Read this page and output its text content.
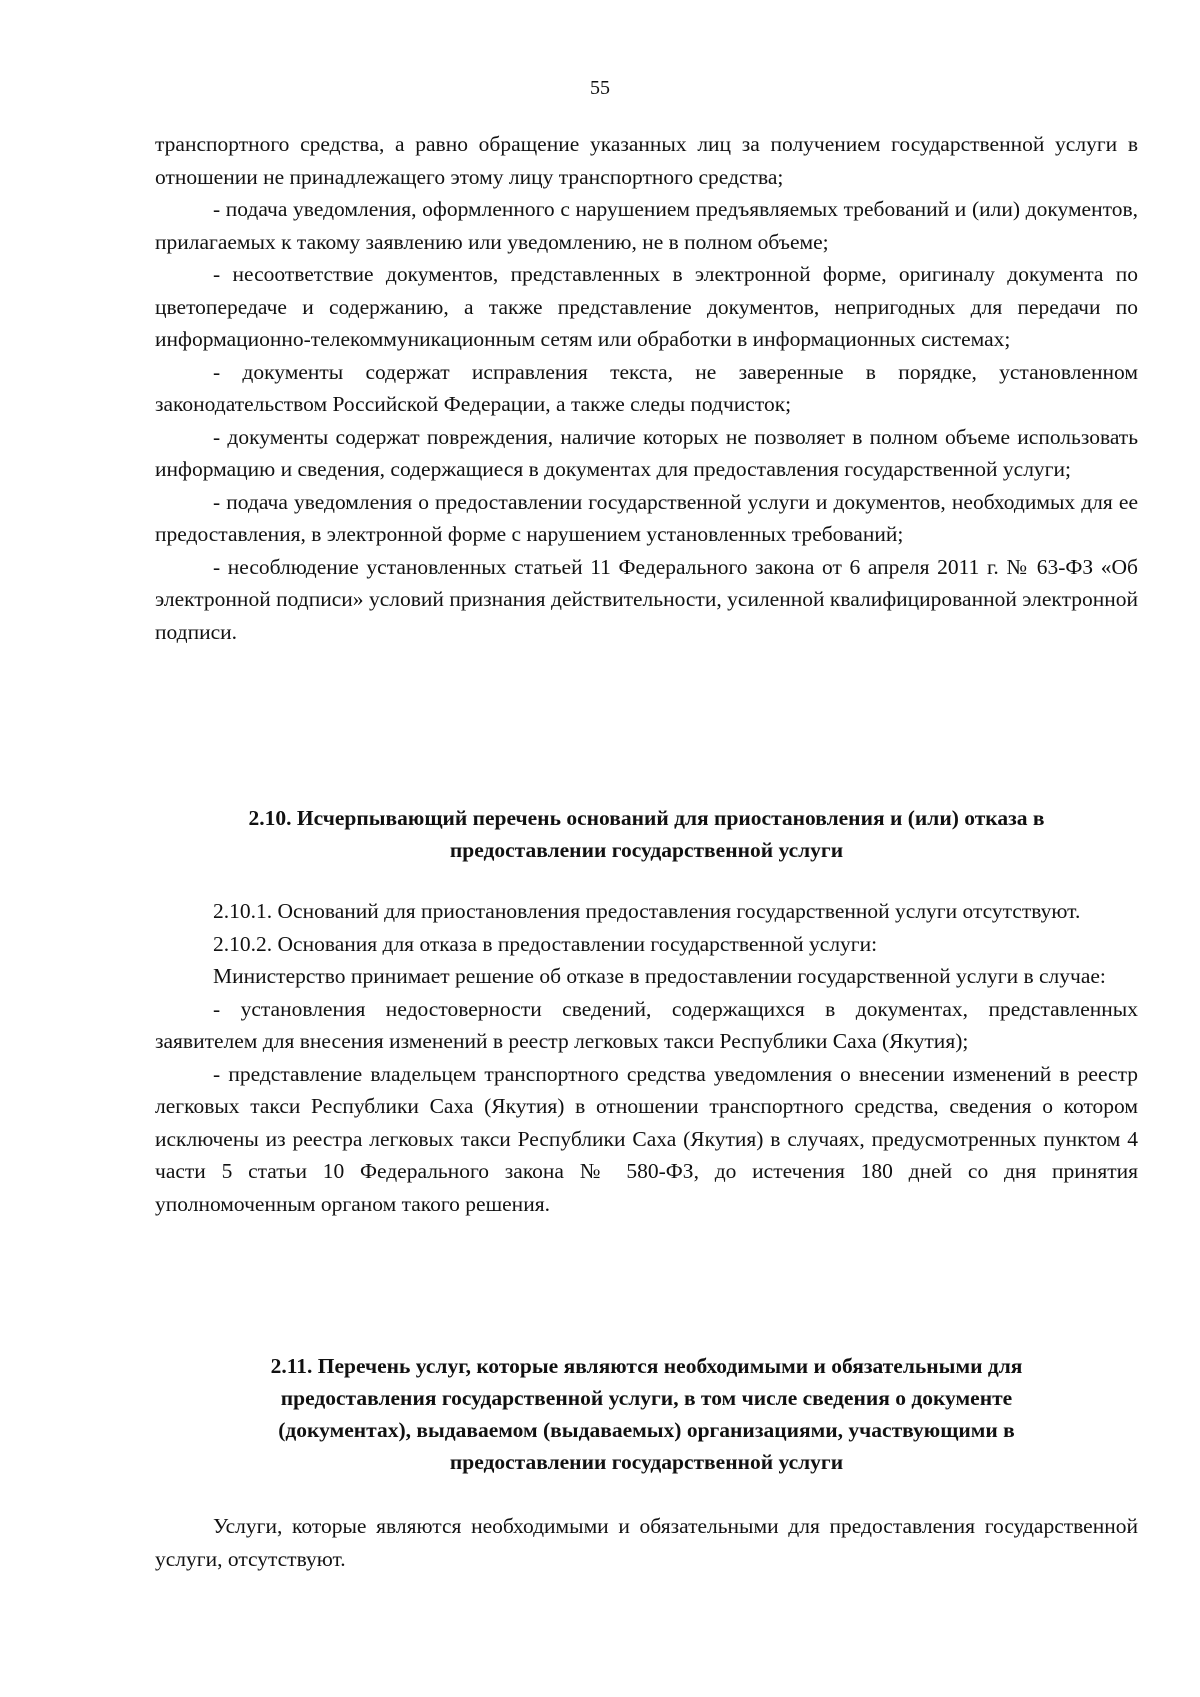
55

транспортного средства, а равно обращение указанных лиц за получением государственной услуги в отношении не принадлежащего этому лицу транспортного средства;

- подача уведомления, оформленного с нарушением предъявляемых требований и (или) документов, прилагаемых к такому заявлению или уведомлению, не в полном объеме;

- несоответствие документов, представленных в электронной форме, оригиналу документа по цветопередаче и содержанию, а также представление документов, непригодных для передачи по информационно-телекоммуникационным сетям или обработки в информационных системах;

- документы содержат исправления текста, не заверенные в порядке, установленном законодательством Российской Федерации, а также следы подчисток;

- документы содержат повреждения, наличие которых не позволяет в полном объеме использовать информацию и сведения, содержащиеся в документах для предоставления государственной услуги;

- подача уведомления о предоставлении государственной услуги и документов, необходимых для ее предоставления, в электронной форме с нарушением установленных требований;

- несоблюдение установленных статьей 11 Федерального закона от 6 апреля 2011 г. № 63-ФЗ «Об электронной подписи» условий признания действительности, усиленной квалифицированной электронной подписи.

2.10. Исчерпывающий перечень оснований для приостановления и (или) отказа в
предоставлении государственной услуги

2.10.1. Оснований для приостановления предоставления государственной услуги отсутствуют.

2.10.2. Основания для отказа в предоставлении государственной услуги:

Министерство принимает решение об отказе в предоставлении государственной услуги в случае:

- установления недостоверности сведений, содержащихся в документах, представленных заявителем для внесения изменений в реестр легковых такси Республики Саха (Якутия);

- представление владельцем транспортного средства уведомления о внесении изменений в реестр легковых такси Республики Саха (Якутия) в отношении транспортного средства, сведения о котором исключены из реестра легковых такси Республики Саха (Якутия) в случаях, предусмотренных пунктом 4 части 5 статьи 10 Федерального закона № 580-ФЗ, до истечения 180 дней со дня принятия уполномоченным органом такого решения.

2.11. Перечень услуг, которые являются необходимыми и обязательными для
предоставления государственной услуги, в том числе сведения о документе
(документах), выдаваемом (выдаваемых) организациями, участвующими в
предоставлении государственной услуги

Услуги, которые являются необходимыми и обязательными для предоставления государственной услуги, отсутствуют.
